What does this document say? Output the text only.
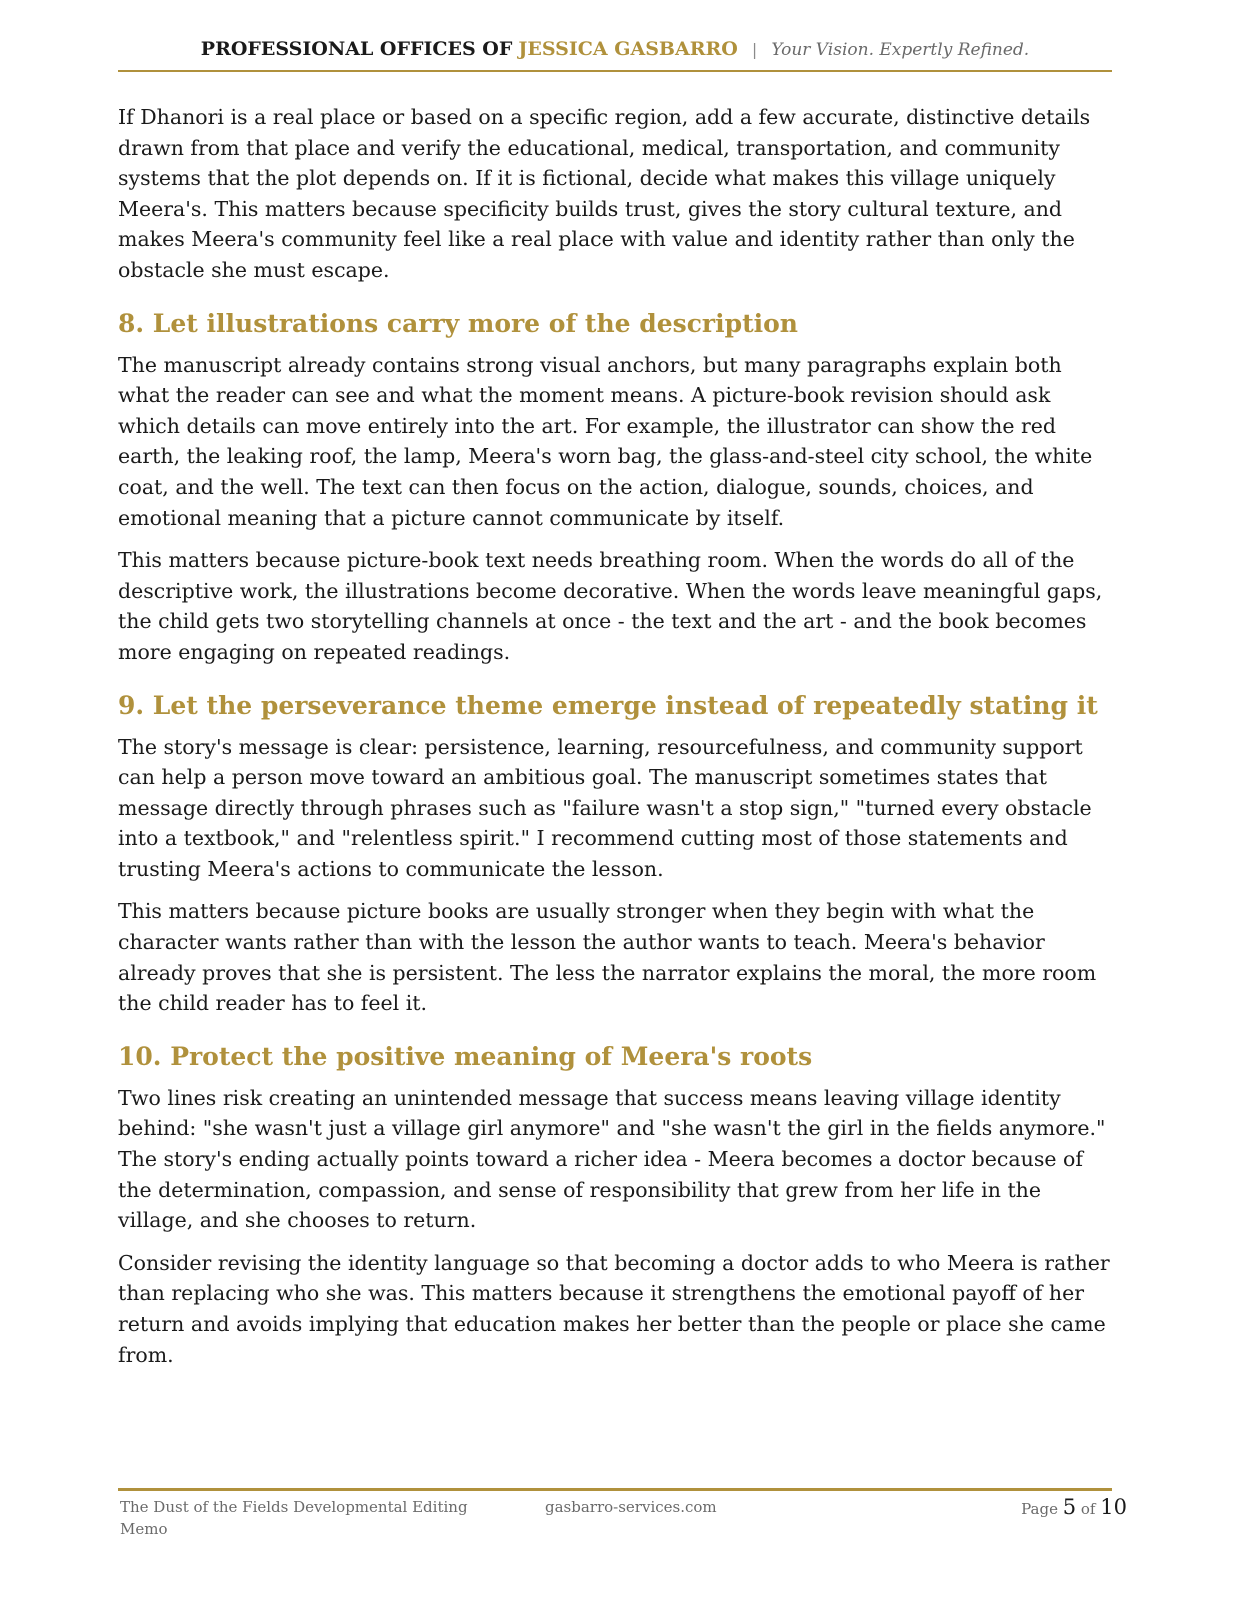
PROFESSIONAL OFFICES OF JESSICA GASBARRO | Your Vision. Expertly Refined.

If Dhanori is a real place or based on a specific region, add a few accurate, distinctive details drawn from that place and verify the educational, medical, transportation, and community systems that the plot depends on. If it is fictional, decide what makes this village uniquely Meera's. This matters because specificity builds trust, gives the story cultural texture, and makes Meera's community feel like a real place with value and identity rather than only the obstacle she must escape.

8. Let illustrations carry more of the description

The manuscript already contains strong visual anchors, but many paragraphs explain both what the reader can see and what the moment means. A picture-book revision should ask which details can move entirely into the art. For example, the illustrator can show the red earth, the leaking roof, the lamp, Meera's worn bag, the glass-and-steel city school, the white coat, and the well. The text can then focus on the action, dialogue, sounds, choices, and emotional meaning that a picture cannot communicate by itself.

This matters because picture-book text needs breathing room. When the words do all of the descriptive work, the illustrations become decorative. When the words leave meaningful gaps, the child gets two storytelling channels at once - the text and the art - and the book becomes more engaging on repeated readings.

9. Let the perseverance theme emerge instead of repeatedly stating it

The story's message is clear: persistence, learning, resourcefulness, and community support can help a person move toward an ambitious goal. The manuscript sometimes states that message directly through phrases such as "failure wasn't a stop sign," "turned every obstacle into a textbook," and "relentless spirit." I recommend cutting most of those statements and trusting Meera's actions to communicate the lesson.

This matters because picture books are usually stronger when they begin with what the character wants rather than with the lesson the author wants to teach. Meera's behavior already proves that she is persistent. The less the narrator explains the moral, the more room the child reader has to feel it.

10. Protect the positive meaning of Meera's roots

Two lines risk creating an unintended message that success means leaving village identity behind: "she wasn't just a village girl anymore" and "she wasn't the girl in the fields anymore." The story's ending actually points toward a richer idea - Meera becomes a doctor because of the determination, compassion, and sense of responsibility that grew from her life in the village, and she chooses to return.

Consider revising the identity language so that becoming a doctor adds to who Meera is rather than replacing who she was. This matters because it strengthens the emotional payoff of her return and avoids implying that education makes her better than the people or place she came from.

The Dust of the Fields Developmental Editing Memo
gasbarro-services.com	Page 5 of 10
